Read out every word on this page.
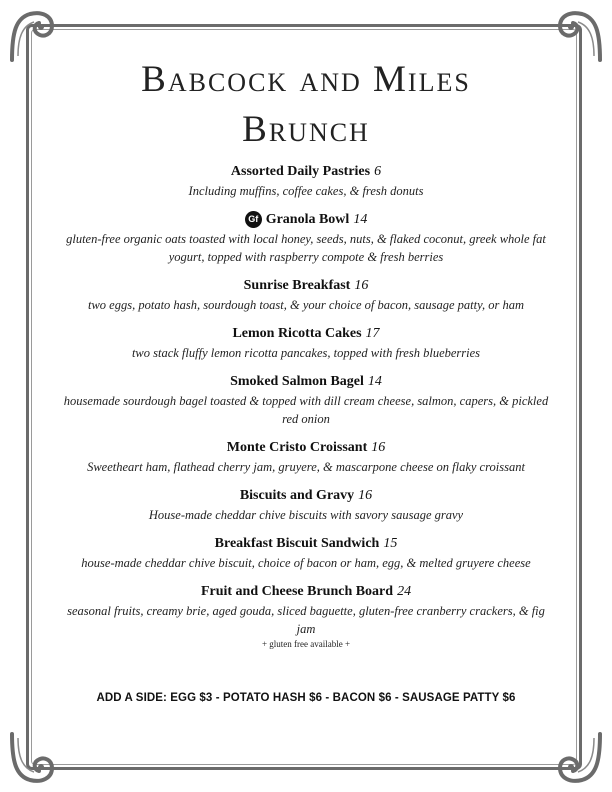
Babcock and Miles
Brunch
Assorted Daily Pastries 6
Including muffins, coffee cakes, & fresh donuts
Gf Granola Bowl 14
gluten-free organic oats toasted with local honey, seeds, nuts, & flaked coconut, greek whole fat yogurt, topped with raspberry compote & fresh berries
Sunrise Breakfast 16
two eggs, potato hash, sourdough toast, & your choice of bacon, sausage patty, or ham
Lemon Ricotta Cakes 17
two stack fluffy lemon ricotta pancakes, topped with fresh blueberries
Smoked Salmon Bagel 14
housemade sourdough bagel toasted & topped with dill cream cheese, salmon, capers, & pickled red onion
Monte Cristo Croissant 16
Sweetheart ham, flathead cherry jam, gruyere, & mascarpone cheese on flaky croissant
Biscuits and Gravy 16
House-made cheddar chive biscuits with savory sausage gravy
Breakfast Biscuit Sandwich 15
house-made cheddar chive biscuit, choice of bacon or ham, egg, & melted gruyere cheese
Fruit and Cheese Brunch Board 24
seasonal fruits, creamy brie, aged gouda, sliced baguette, gluten-free cranberry crackers, & fig jam
+ gluten free available +
ADD A SIDE: EGG $3 - POTATO HASH $6 - BACON $6 - SAUSAGE PATTY $6
